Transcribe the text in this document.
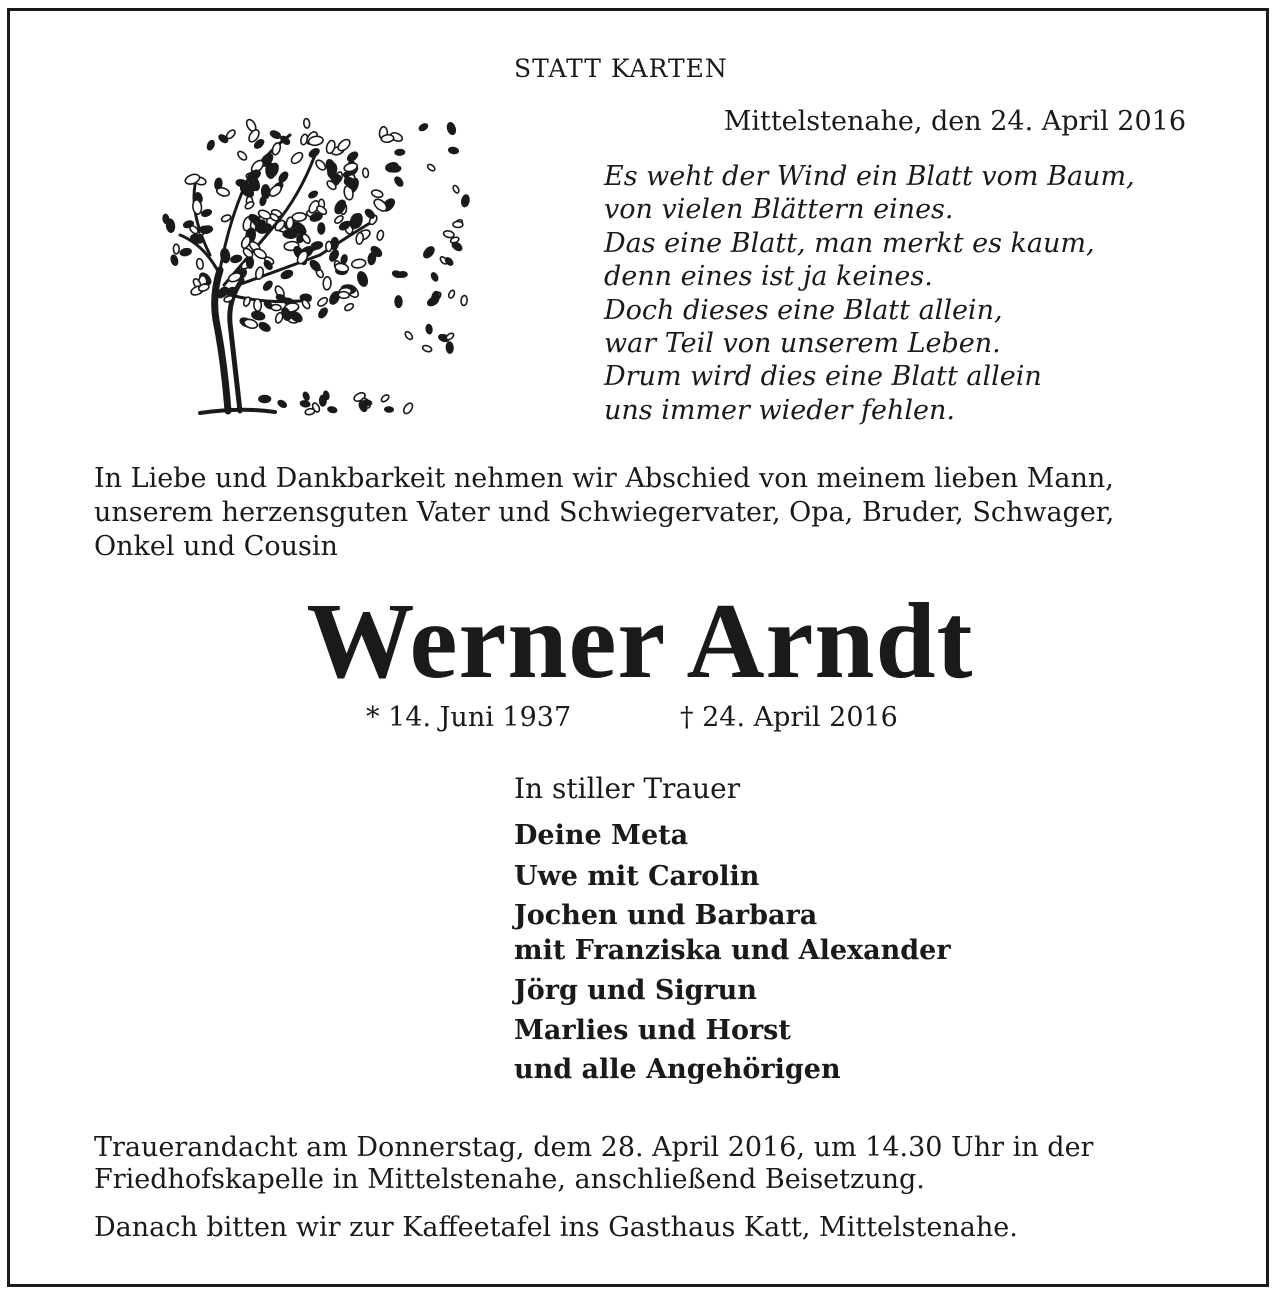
STATT KARTEN
Mittelstenahe, den 24. April 2016
Es weht der Wind ein Blatt vom Baum,
von vielen Blättern eines.
Das eine Blatt, man merkt es kaum,
denn eines ist ja keines.
Doch dieses eine Blatt allein,
war Teil von unserem Leben.
Drum wird dies eine Blatt allein
uns immer wieder fehlen.
In Liebe und Dankbarkeit nehmen wir Abschied von meinem lieben Mann,
unserem herzensguten Vater und Schwiegervater, Opa, Bruder, Schwager,
Onkel und Cousin
Werner Arndt
* 14. Juni 1937	† 24. April 2016
In stiller Trauer
Deine Meta
Uwe mit Carolin
Jochen und Barbara
mit Franziska und Alexander
Jörg und Sigrun
Marlies und Horst
und alle Angehörigen
Trauerandacht am Donnerstag, dem 28. April 2016, um 14.30 Uhr in der
Friedhofskapelle in Mittelstenahe, anschließend Beisetzung.
Danach bitten wir zur Kaffeetafel ins Gasthaus Katt, Mittelstenahe.
